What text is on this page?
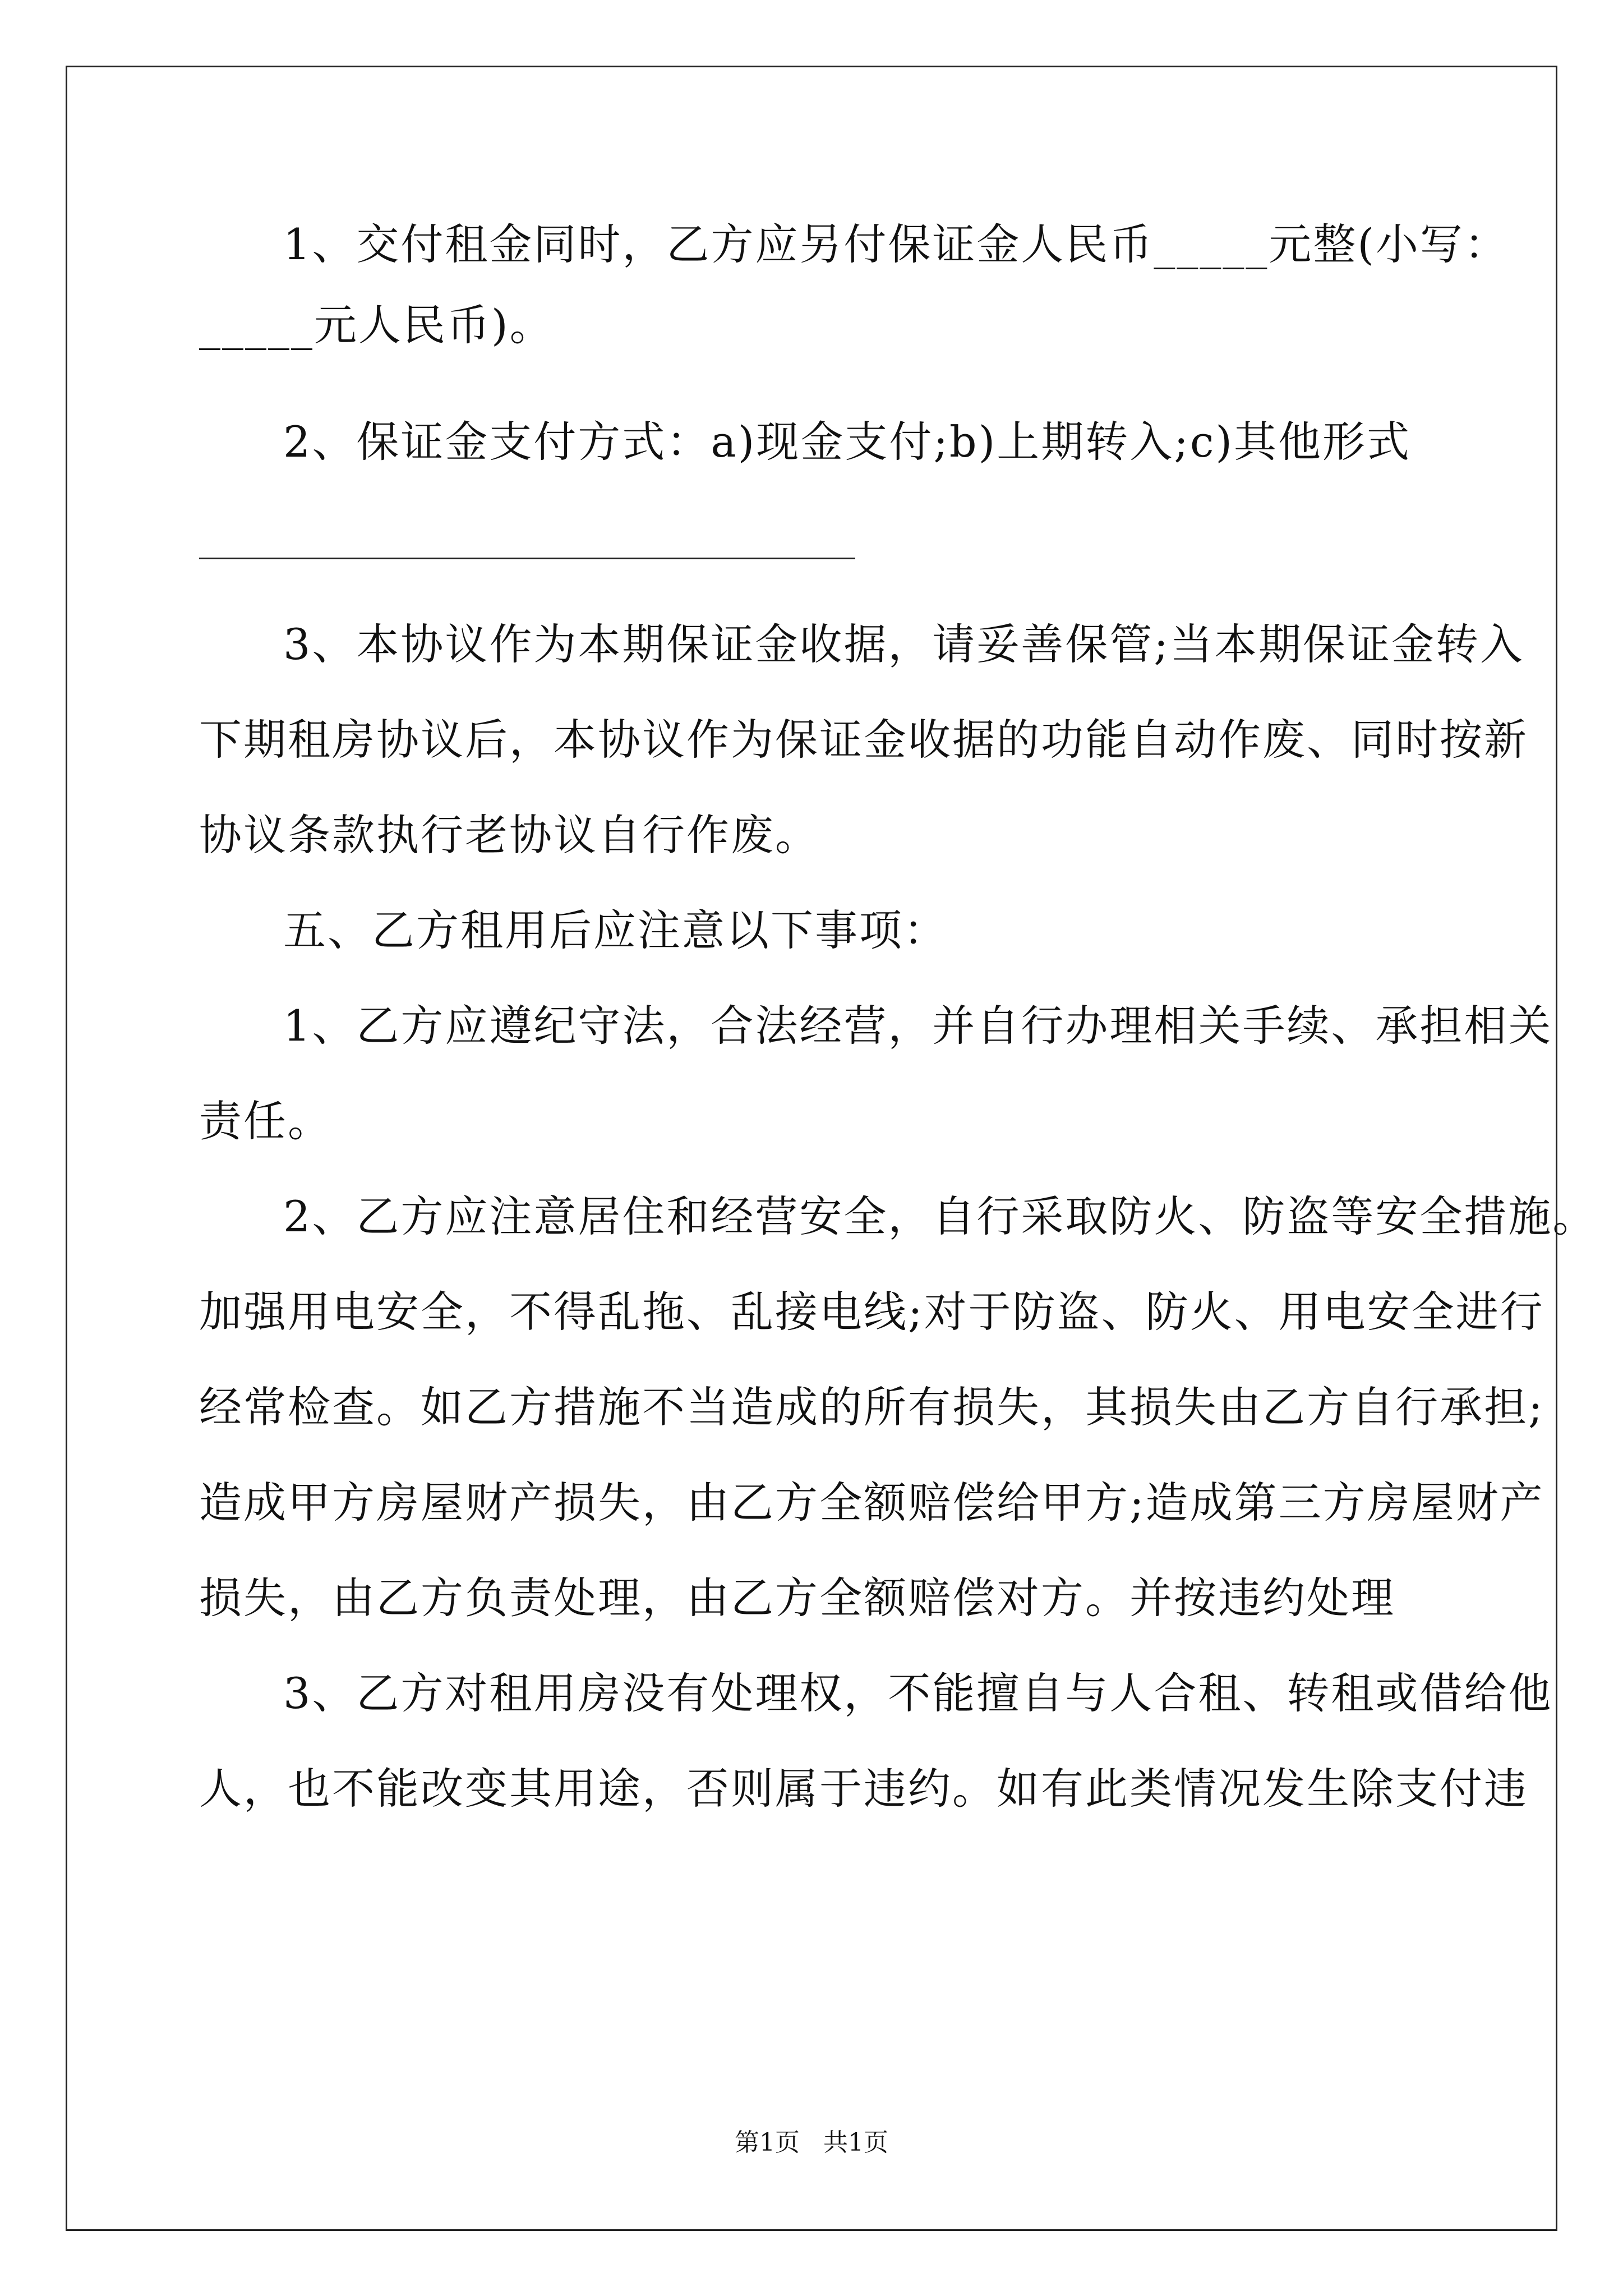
1、交付租金同时，乙方应另付保证金人民币_____元整(小写：
_____元人民币)。
2、保证金支付方式：a)现金支付;b)上期转入;c)其他形式
3、本协议作为本期保证金收据，请妥善保管;当本期保证金转入
下期租房协议后，本协议作为保证金收据的功能自动作废、同时按新
协议条款执行老协议自行作废。
五、乙方租用后应注意以下事项：
1、乙方应遵纪守法，合法经营，并自行办理相关手续、承担相关
责任。
2、乙方应注意居住和经营安全，自行采取防火、防盗等安全措施。
加强用电安全，不得乱拖、乱接电线;对于防盗、防火、用电安全进行
经常检查。如乙方措施不当造成的所有损失，其损失由乙方自行承担;
造成甲方房屋财产损失，由乙方全额赔偿给甲方;造成第三方房屋财产
损失，由乙方负责处理，由乙方全额赔偿对方。并按违约处理
3、乙方对租用房没有处理权，不能擅自与人合租、转租或借给他
人，也不能改变其用途，否则属于违约。如有此类情况发生除支付违
第1页   共1页
